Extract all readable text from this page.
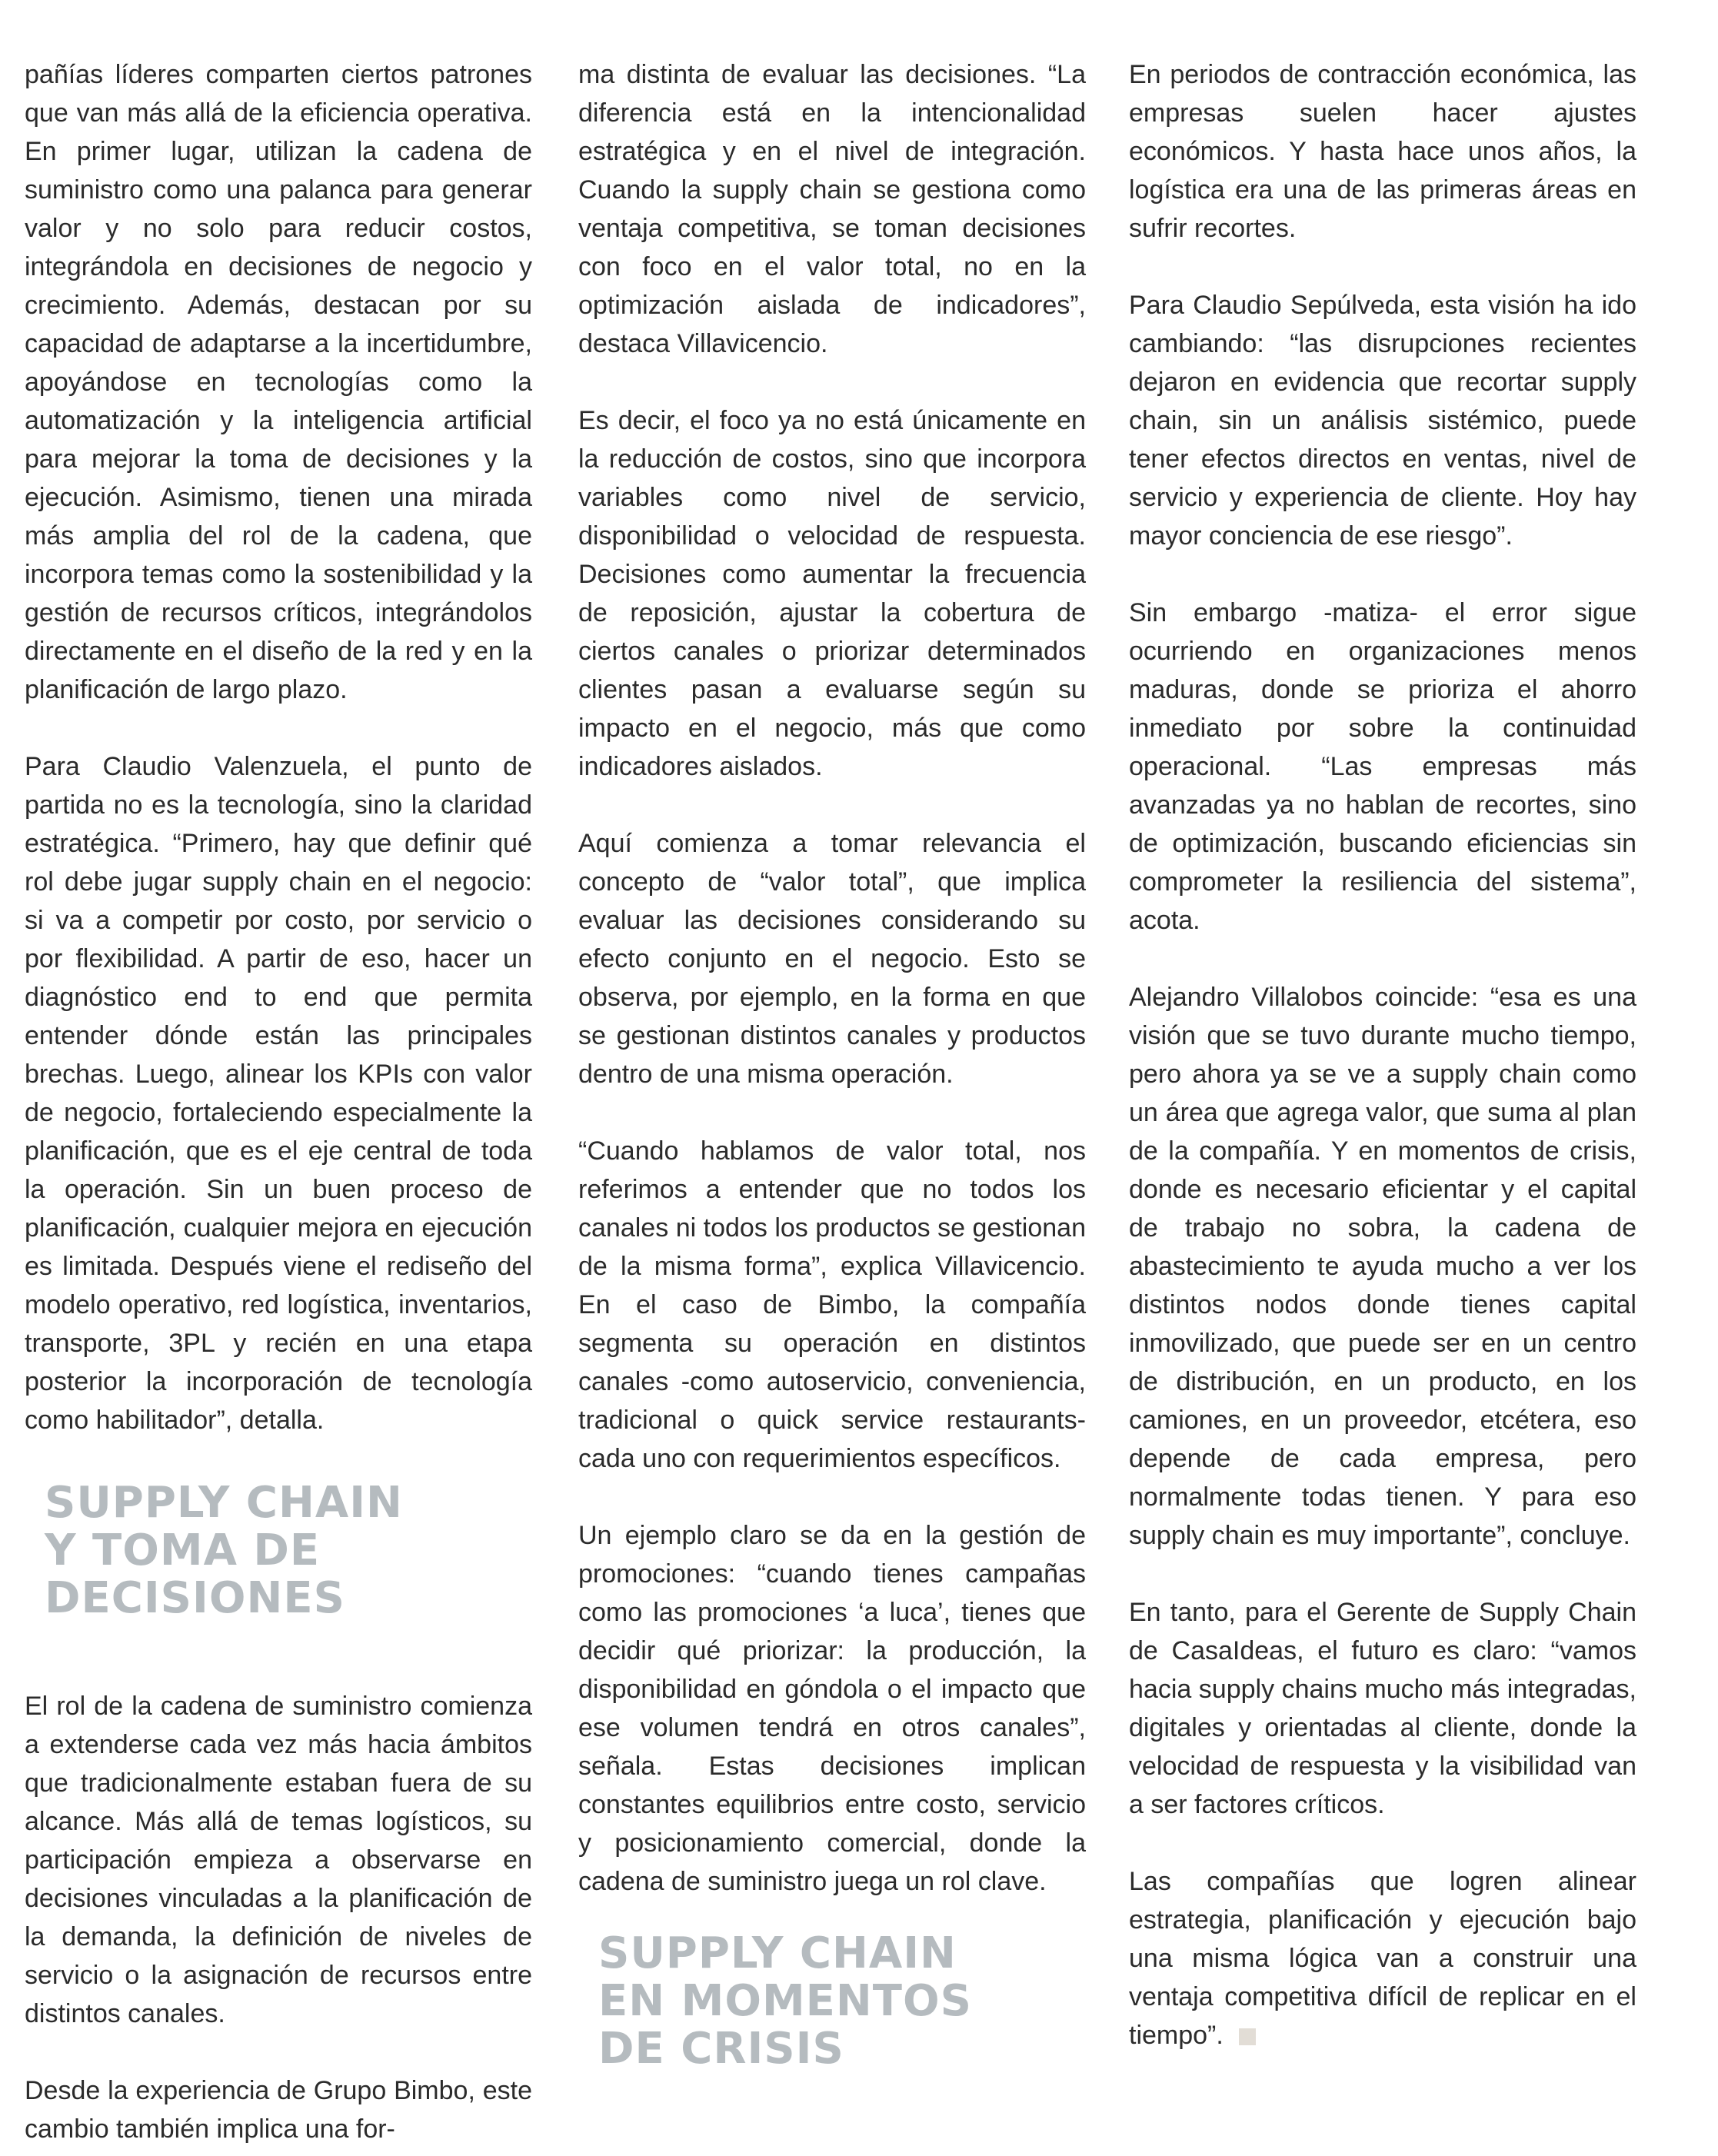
pañías líderes comparten ciertos patrones que van más allá de la eficiencia operativa. En primer lugar, utilizan la cadena de suministro como una palanca para generar valor y no solo para reducir costos, integrándola en decisiones de negocio y crecimiento. Además, destacan por su capacidad de adaptarse a la incertidumbre, apoyándose en tecnologías como la automatización y la inteligencia artificial para mejorar la toma de decisiones y la ejecución. Asimismo, tienen una mirada más amplia del rol de la cadena, que incorpora temas como la sostenibilidad y la gestión de recursos críticos, integrándolos directamente en el diseño de la red y en la planificación de largo plazo.

Para Claudio Valenzuela, el punto de partida no es la tecnología, sino la claridad estratégica. “Primero, hay que definir qué rol debe jugar supply chain en el negocio: si va a competir por costo, por servicio o por flexibilidad. A partir de eso, hacer un diagnóstico end to end que permita entender dónde están las principales brechas. Luego, alinear los KPIs con valor de negocio, fortaleciendo especialmente la planificación, que es el eje central de toda la operación. Sin un buen proceso de planificación, cualquier mejora en ejecución es limitada. Después viene el rediseño del modelo operativo, red logística, inventarios, transporte, 3PL y recién en una etapa posterior la incorporación de tecnología como habilitador”, detalla.

SUPPLY CHAIN
Y TOMA DE
DECISIONES

El rol de la cadena de suministro comienza a extenderse cada vez más hacia ámbitos que tradicionalmente estaban fuera de su alcance. Más allá de temas logísticos, su participación empieza a observarse en decisiones vinculadas a la planificación de la demanda, la definición de niveles de servicio o la asignación de recursos entre distintos canales.

Desde la experiencia de Grupo Bimbo, este cambio también implica una for-

ma distinta de evaluar las decisiones. “La diferencia está en la intencionalidad estratégica y en el nivel de integración. Cuando la supply chain se gestiona como ventaja competitiva, se toman decisiones con foco en el valor total, no en la optimización aislada de indicadores”, destaca Villavicencio.

Es decir, el foco ya no está únicamente en la reducción de costos, sino que incorpora variables como nivel de servicio, disponibilidad o velocidad de respuesta. Decisiones como aumentar la frecuencia de reposición, ajustar la cobertura de ciertos canales o priorizar determinados clientes pasan a evaluarse según su impacto en el negocio, más que como indicadores aislados.

Aquí comienza a tomar relevancia el concepto de “valor total”, que implica evaluar las decisiones considerando su efecto conjunto en el negocio. Esto se observa, por ejemplo, en la forma en que se gestionan distintos canales y productos dentro de una misma operación.

“Cuando hablamos de valor total, nos referimos a entender que no todos los canales ni todos los productos se gestionan de la misma forma”, explica Villavicencio. En el caso de Bimbo, la compañía segmenta su operación en distintos canales -como autoservicio, conveniencia, tradicional o quick service restaurants- cada uno con requerimientos específicos.

Un ejemplo claro se da en la gestión de promociones: “cuando tienes campañas como las promociones ‘a luca’, tienes que decidir qué priorizar: la producción, la disponibilidad en góndola o el impacto que ese volumen tendrá en otros canales”, señala. Estas decisiones implican constantes equilibrios entre costo, servicio y posicionamiento comercial, donde la cadena de suministro juega un rol clave.

SUPPLY CHAIN
EN MOMENTOS
DE CRISIS

En periodos de contracción económica, las empresas suelen hacer ajustes económicos. Y hasta hace unos años, la logística era una de las primeras áreas en sufrir recortes.

Para Claudio Sepúlveda, esta visión ha ido cambiando: “las disrupciones recientes dejaron en evidencia que recortar supply chain, sin un análisis sistémico, puede tener efectos directos en ventas, nivel de servicio y experiencia de cliente. Hoy hay mayor conciencia de ese riesgo”.

Sin embargo -matiza- el error sigue ocurriendo en organizaciones menos maduras, donde se prioriza el ahorro inmediato por sobre la continuidad operacional. “Las empresas más avanzadas ya no hablan de recortes, sino de optimización, buscando eficiencias sin comprometer la resiliencia del sistema”, acota.

Alejandro Villalobos coincide: “esa es una visión que se tuvo durante mucho tiempo, pero ahora ya se ve a supply chain como un área que agrega valor, que suma al plan de la compañía. Y en momentos de crisis, donde es necesario eficientar y el capital de trabajo no sobra, la cadena de abastecimiento te ayuda mucho a ver los distintos nodos donde tienes capital inmovilizado, que puede ser en un centro de distribución, en un producto, en los camiones, en un proveedor, etcétera, eso depende de cada empresa, pero normalmente todas tienen. Y para eso supply chain es muy importante”, concluye.

En tanto, para el Gerente de Supply Chain de CasaIdeas, el futuro es claro: “vamos hacia supply chains mucho más integradas, digitales y orientadas al cliente, donde la velocidad de respuesta y la visibilidad van a ser factores críticos.

Las compañías que logren alinear estrategia, planificación y ejecución bajo una misma lógica van a construir una ventaja competitiva difícil de replicar en el tiempo”.
